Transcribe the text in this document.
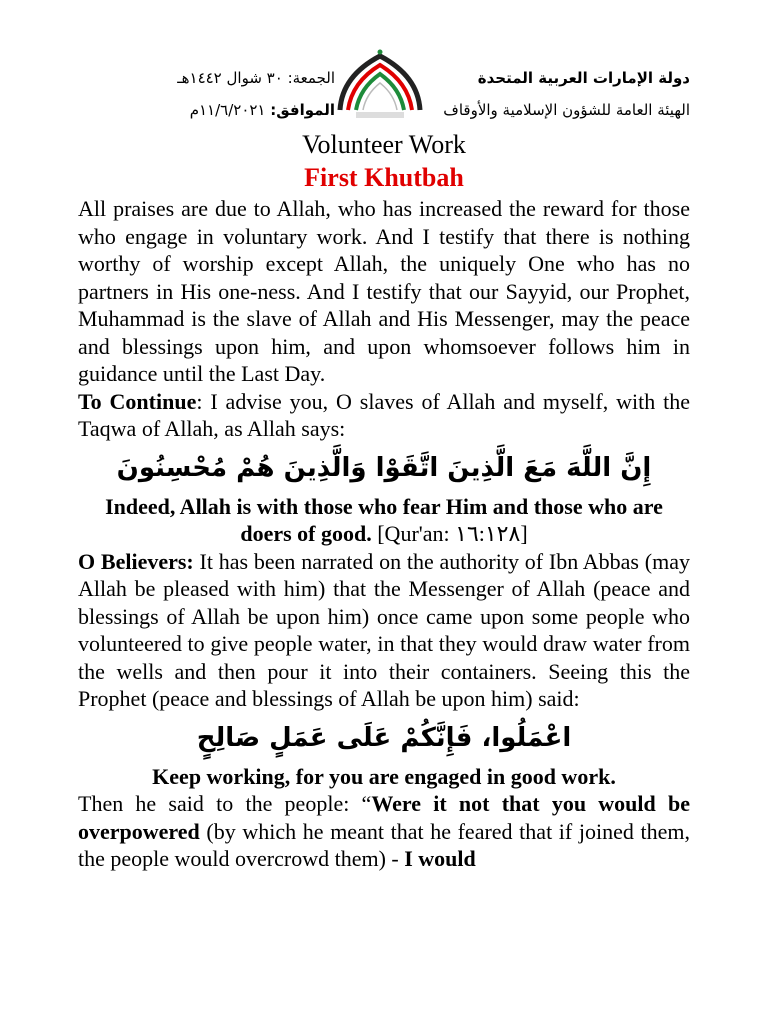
الجمعة: ٣٠ شوال ١٤٤٢هـ
الموافق: ١١/٦/٢٠٢١م
دولة الإمارات العربية المتحدة
الهيئة العامة للشؤون الإسلامية والأوقاف
Volunteer Work
First Khutbah

All praises are due to Allah, who has increased the reward for those who engage in voluntary work. And I testify that there is nothing worthy of worship except Allah, the uniquely One who has no partners in His one-ness. And I testify that our Sayyid, our Prophet, Muhammad is the slave of Allah and His Messenger, may the peace and blessings upon him, and upon whomsoever follows him in guidance until the Last Day.

To Continue: I advise you, O slaves of Allah and myself, with the Taqwa of Allah, as Allah says:

إِنَّ اللَّهَ مَعَ الَّذِينَ اتَّقَوْا وَالَّذِينَ هُمْ مُحْسِنُونَ

Indeed, Allah is with those who fear Him and those who are doers of good. [Qur'an: ١٦:١٢٨]

O Believers: It has been narrated on the authority of Ibn Abbas (may Allah be pleased with him) that the Messenger of Allah (peace and blessings of Allah be upon him) once came upon some people who volunteered to give people water, in that they would draw water from the wells and then pour it into their containers. Seeing this the Prophet (peace and blessings of Allah be upon him) said:

اعْمَلُوا، فَإِنَّكُمْ عَلَى عَمَلٍ صَالِحٍ

Keep working, for you are engaged in good work.

Then he said to the people: “Were it not that you would be overpowered (by which he meant that he feared that if joined them, the people would overcrowd them) - I would
